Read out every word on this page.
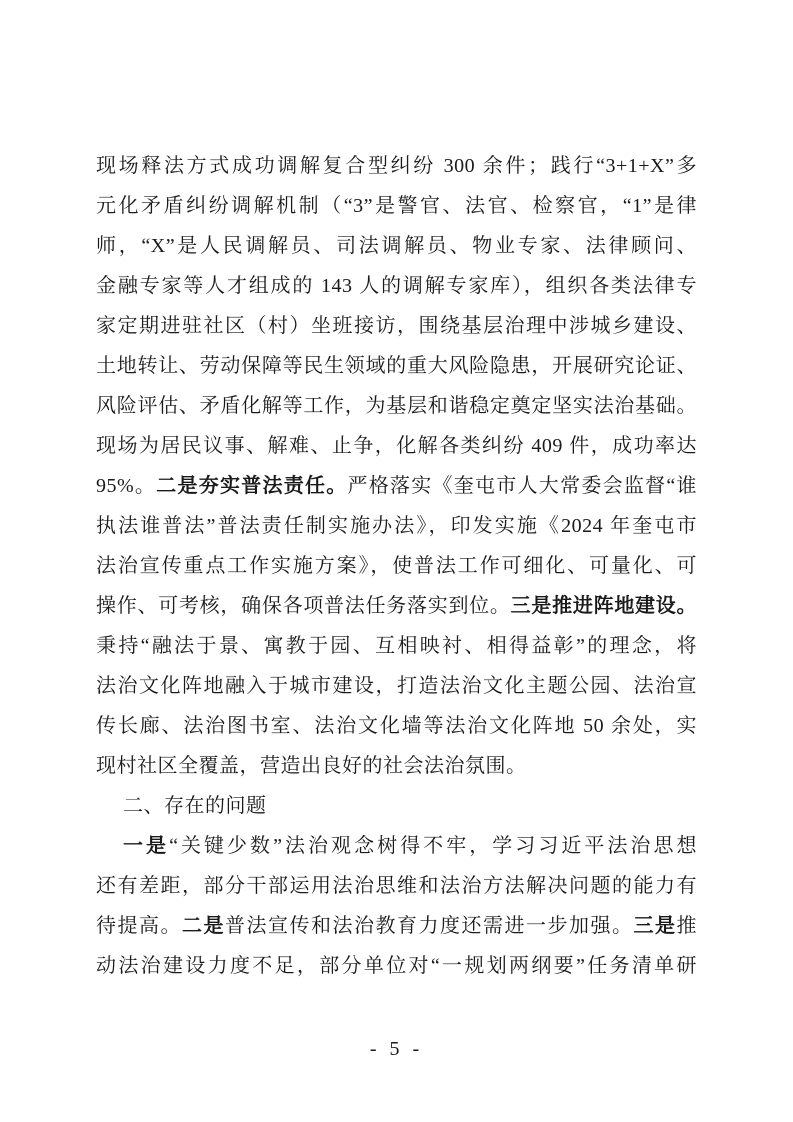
现场释法方式成功调解复合型纠纷 300 余件；践行“3+1+X”多
元化矛盾纠纷调解机制（“3”是警官、法官、检察官，“1”是律
师，“X”是人民调解员、司法调解员、物业专家、法律顾问、
金融专家等人才组成的 143 人的调解专家库），组织各类法律专
家定期进驻社区（村）坐班接访，围绕基层治理中涉城乡建设、
土地转让、劳动保障等民生领域的重大风险隐患，开展研究论证、
风险评估、矛盾化解等工作，为基层和谐稳定奠定坚实法治基础。
现场为居民议事、解难、止争，化解各类纠纷 409 件，成功率达
95%。二是夯实普法责任。严格落实《奎屯市人大常委会监督“谁
执法谁普法”普法责任制实施办法》，印发实施《2024 年奎屯市
法治宣传重点工作实施方案》，使普法工作可细化、可量化、可
操作、可考核，确保各项普法任务落实到位。三是推进阵地建设。
秉持“融法于景、寓教于园、互相映衬、相得益彰”的理念，将
法治文化阵地融入于城市建设，打造法治文化主题公园、法治宣
传长廊、法治图书室、法治文化墙等法治文化阵地 50 余处，实
现村社区全覆盖，营造出良好的社会法治氛围。
二、存在的问题
一是“关键少数”法治观念树得不牢，学习习近平法治思想
还有差距，部分干部运用法治思维和法治方法解决问题的能力有
待提高。二是普法宣传和法治教育力度还需进一步加强。三是推
动法治建设力度不足，部分单位对“一规划两纲要”任务清单研
- 5 -
